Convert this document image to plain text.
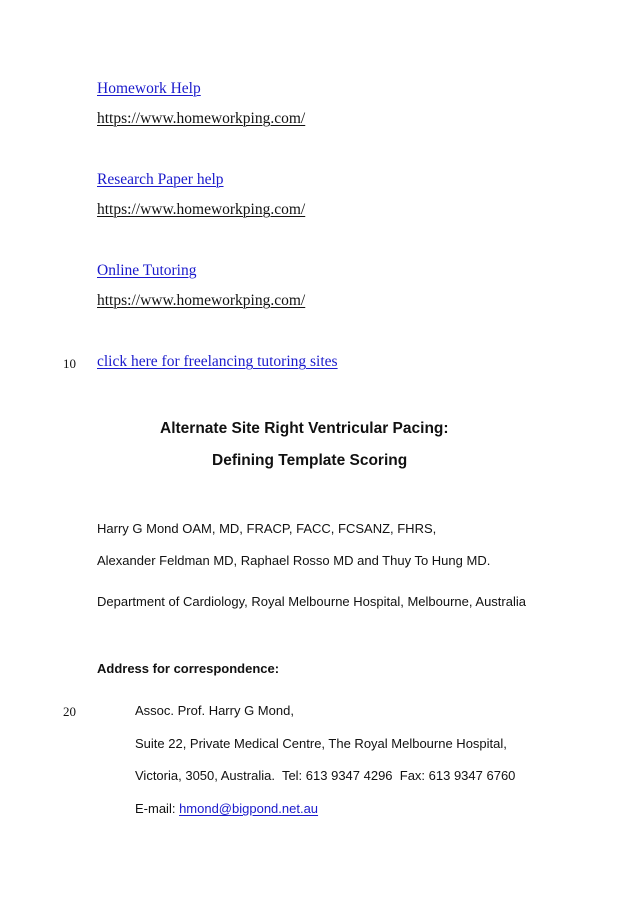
Homework Help
https://www.homeworkping.com/
Research Paper help
https://www.homeworkping.com/
Online Tutoring
https://www.homeworkping.com/
10 click here for freelancing tutoring sites
Alternate Site Right Ventricular Pacing:
Defining Template Scoring
Harry G Mond OAM, MD, FRACP, FACC, FCSANZ, FHRS,
Alexander Feldman MD, Raphael Rosso MD and Thuy To Hung MD.
Department of Cardiology, Royal Melbourne Hospital, Melbourne, Australia
Address for correspondence:
20	Assoc. Prof. Harry G Mond,
Suite 22, Private Medical Centre, The Royal Melbourne Hospital,
Victoria, 3050, Australia.  Tel: 613 9347 4296  Fax: 613 9347 6760
E-mail: hmond@bigpond.net.au
